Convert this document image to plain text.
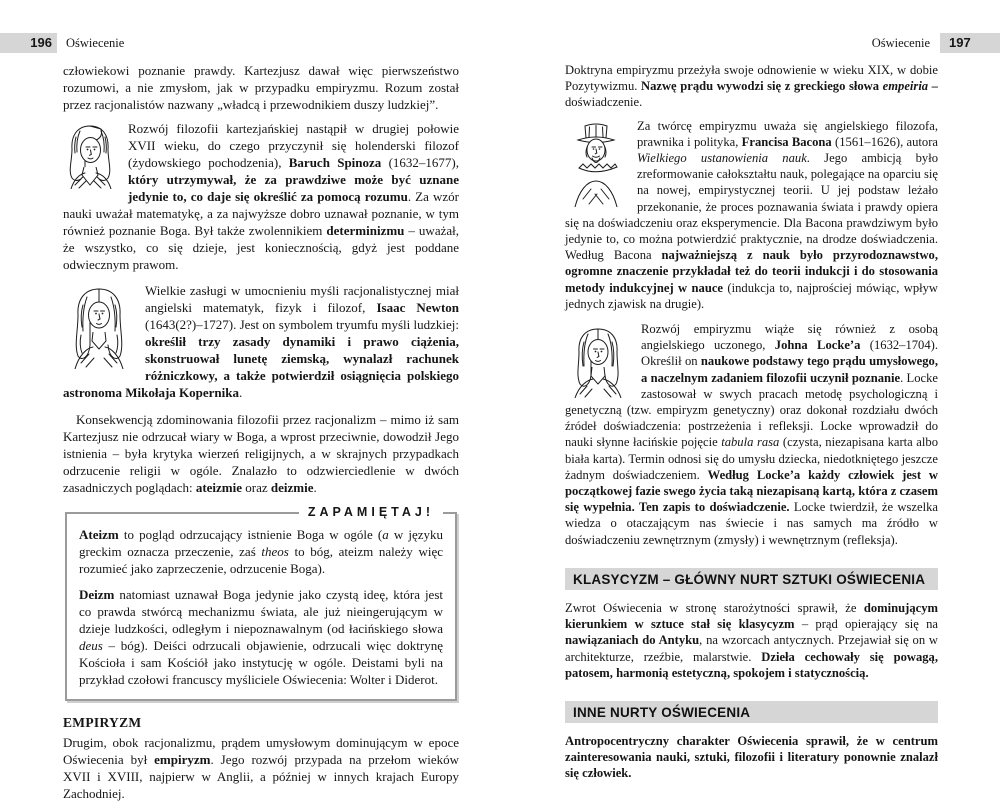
196	Oświecenie	Oświecenie	197

człowiekowi poznanie prawdy. Kartezjusz dawał więc pierwszeństwo rozumowi, a nie zmysłom, jak w przypadku empiryzmu. Rozum został przez racjonalistów nazwany „władcą i przewodnikiem duszy ludzkiej”.

Rozwój filozofii kartezjańskiej nastąpił w drugiej połowie XVII wieku, do czego przyczynił się holenderski filozof (żydowskiego pochodzenia), Baruch Spinoza (1632–1677), który utrzymywał, że za prawdziwe może być uznane jedynie to, co daje się określić za pomocą rozumu. Za wzór nauki uważał matematykę, a za najwyższe dobro uznawał poznanie, w tym również poznanie Boga. Był także zwolennikiem determinizmu – uważał, że wszystko, co się dzieje, jest koniecznością, gdyż jest poddane odwiecznym prawom.

Wielkie zasługi w umocnieniu myśli racjonalistycznej miał angielski matematyk, fizyk i filozof, Isaac Newton (1643(2?)–1727). Jest on symbolem tryumfu myśli ludzkiej: określił trzy zasady dynamiki i prawo ciążenia, skonstruował lunetę ziemską, wynalazł rachunek różniczkowy, a także potwierdził osiągnięcia polskiego astronoma Mikołaja Kopernika.

Konsekwencją zdominowania filozofii przez racjonalizm – mimo iż sam Kartezjusz nie odrzucał wiary w Boga, a wprost przeciwnie, dowodził Jego istnienia – była krytyka wierzeń religijnych, a w skrajnych przypadkach odrzucenie religii w ogóle. Znalazło to odzwierciedlenie w dwóch zasadniczych poglądach: ateizmie oraz deizmie.

ZAPAMIĘTAJ!

Ateizm to pogląd odrzucający istnienie Boga w ogóle (a w języku greckim oznacza przeczenie, zaś theos to bóg, ateizm należy więc rozumieć jako zaprzeczenie, odrzucenie Boga).

Deizm natomiast uznawał Boga jedynie jako czystą ideę, która jest co prawda stwórcą mechanizmu świata, ale już nieingerującym w dzieje ludzkości, odległym i niepoznawalnym (od łacińskiego słowa deus – bóg). Deiści odrzucali objawienie, odrzucali więc doktrynę Kościoła i sam Kościół jako instytucję w ogóle. Deistami byli na przykład czołowi francuscy myśliciele Oświecenia: Wolter i Diderot.

EMPIRYZM

Drugim, obok racjonalizmu, prądem umysłowym dominującym w epoce Oświecenia był empiryzm. Jego rozwój przypada na przełom wieków XVII i XVIII, najpierw w Anglii, a później w innych krajach Europy Zachodniej.

Doktryna empiryzmu przeżyła swoje odnowienie w wieku XIX, w dobie Pozytywizmu. Nazwę prądu wywodzi się z greckiego słowa empeiria – doświadczenie.

Za twórcę empiryzmu uważa się angielskiego filozofa, prawnika i polityka, Francisa Bacona (1561–1626), autora Wielkiego ustanowienia nauk. Jego ambicją było zreformowanie całokształtu nauk, polegające na oparciu się na nowej, empirystycznej teorii. U jej podstaw leżało przekonanie, że proces poznawania świata i prawdy opiera się na doświadczeniu oraz eksperymencie. Dla Bacona prawdziwym było jedynie to, co można potwierdzić praktycznie, na drodze doświadczenia. Według Bacona najważniejszą z nauk było przyrodoznawstwo, ogromne znaczenie przykładał też do teorii indukcji i do stosowania metody indukcyjnej w nauce (indukcja to, najprościej mówiąc, wpływ jednych zjawisk na drugie).

Rozwój empiryzmu wiąże się również z osobą angielskiego uczonego, Johna Locke’a (1632–1704). Określił on naukowe podstawy tego prądu umysłowego, a naczelnym zadaniem filozofii uczynił poznanie. Locke zastosował w swych pracach metodę psychologiczną i genetyczną (tzw. empiryzm genetyczny) oraz dokonał rozdziału dwóch źródeł doświadczenia: postrzeżenia i refleksji. Locke wprowadził do nauki słynne łacińskie pojęcie tabula rasa (czysta, niezapisana karta albo biała karta). Termin odnosi się do umysłu dziecka, niedotkniętego jeszcze żadnym doświadczeniem. Według Locke’a każdy człowiek jest w początkowej fazie swego życia taką niezapisaną kartą, która z czasem się wypełnia. Ten zapis to doświadczenie. Locke twierdził, że wszelka wiedza o otaczającym nas świecie i nas samych ma źródło w doświadczeniu zewnętrznym (zmysły) i wewnętrznym (refleksja).

KLASYCYZM – GŁÓWNY NURT SZTUKI OŚWIECENIA

Zwrot Oświecenia w stronę starożytności sprawił, że dominującym kierunkiem w sztuce stał się klasycyzm – prąd opierający się na nawiązaniach do Antyku, na wzorcach antycznych. Przejawiał się on w architekturze, rzeźbie, malarstwie. Dzieła cechowały się powagą, patosem, harmonią estetyczną, spokojem i statycznością.

INNE NURTY OŚWIECENIA

Antropocentryczny charakter Oświecenia sprawił, że w centrum zainteresowania nauki, sztuki, filozofii i literatury ponownie znalazł się człowiek.
